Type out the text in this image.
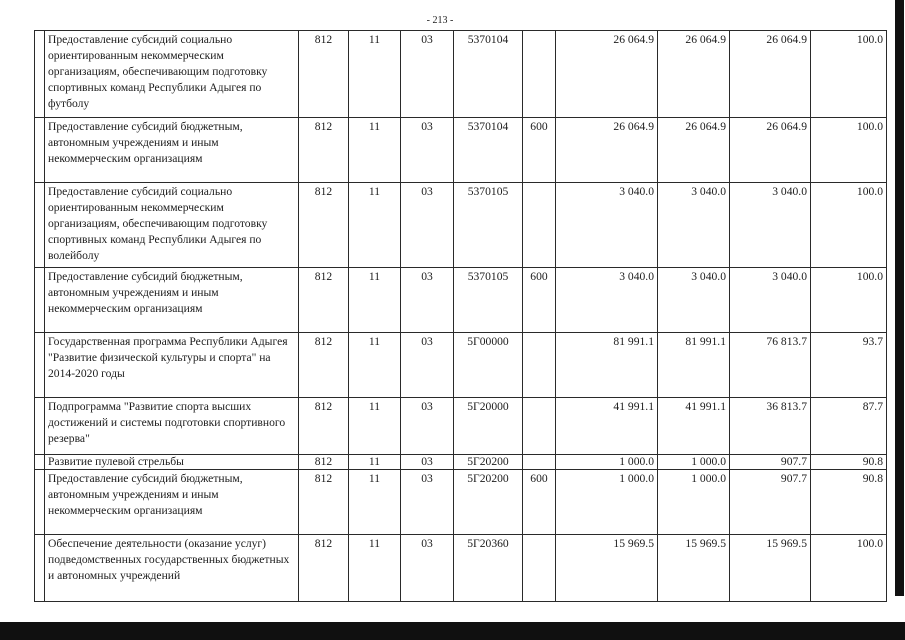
- 213 -
	Предоставление субсидий социально ориентированным некоммерческим организациям, обеспечивающим подготовку спортивных команд Республики Адыгея по футболу	812	11	03	5370104		26 064.9	26 064.9	26 064.9	100.0
	Предоставление субсидий бюджетным, автономным учреждениям и иным некоммерческим организациям	812	11	03	5370104	600	26 064.9	26 064.9	26 064.9	100.0
	Предоставление субсидий социально ориентированным некоммерческим организациям, обеспечивающим подготовку спортивных команд Республики Адыгея по волейболу	812	11	03	5370105		3 040.0	3 040.0	3 040.0	100.0
	Предоставление субсидий бюджетным, автономным учреждениям и иным некоммерческим организациям	812	11	03	5370105	600	3 040.0	3 040.0	3 040.0	100.0
	Государственная программа Республики Адыгея "Развитие физической культуры и спорта" на 2014-2020 годы	812	11	03	5Г00000		81 991.1	81 991.1	76 813.7	93.7
	Подпрограмма "Развитие спорта высших достижений и системы подготовки спортивного резерва"	812	11	03	5Г20000		41 991.1	41 991.1	36 813.7	87.7
	Развитие пулевой стрельбы	812	11	03	5Г20200		1 000.0	1 000.0	907.7	90.8
	Предоставление субсидий бюджетным, автономным учреждениям и иным некоммерческим организациям	812	11	03	5Г20200	600	1 000.0	1 000.0	907.7	90.8
	Обеспечение деятельности (оказание услуг) подведомственных государственных бюджетных и автономных учреждений	812	11	03	5Г20360		15 969.5	15 969.5	15 969.5	100.0
